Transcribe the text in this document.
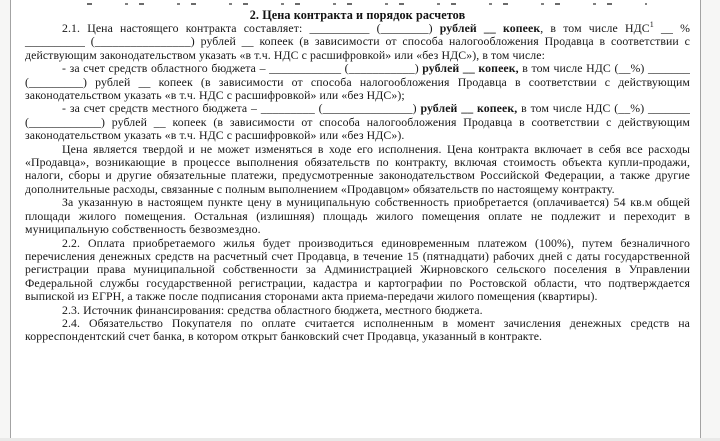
2. Цена контракта и порядок расчетов

2.1. Цена настоящего контракта составляет: __________ (________) рублей __ копеек, в том числе НДС$^1$ __ % __________ (________________) рублей __ копеек (в зависимости от способа налогообложения Продавца в соответствии с действующим законодательством указать «в т.ч. НДС с расшифровкой» или «без НДС»), в том числе:

- за счет средств областного бюджета – ____________ (___________) рублей __ копеек, в том числе НДС (__%) _______ (_________) рублей __ копеек (в зависимости от способа налогообложения Продавца в соответствии с действующим законодательством указать «в т.ч. НДС с расшифровкой» или «без НДС»);

- за счет средств местного бюджета – _________ (_______________) рублей __ копеек, в том числе НДС (__%) _______ (____________) рублей __ копеек (в зависимости от способа налогообложения Продавца в соответствии с действующим законодательством указать «в т.ч. НДС с расшифровкой» или «без НДС»).

Цена является твердой и не может изменяться в ходе его исполнения. Цена контракта включает в себя все расходы «Продавца», возникающие в процессе выполнения обязательств по контракту, включая стоимость объекта купли-продажи, налоги, сборы и другие обязательные платежи, предусмотренные законодательством Российской Федерации, а также другие дополнительные расходы, связанные с полным выполнением «Продавцом» обязательств по настоящему контракту.

За указанную в настоящем пункте цену в муниципальную собственность приобретается (оплачивается) 54 кв.м общей площади жилого помещения. Остальная (излишняя) площадь жилого помещения оплате не подлежит и переходит в муниципальную собственность безвозмездно.

2.2. Оплата приобретаемого жилья будет производиться единовременным платежом (100%), путем безналичного перечисления денежных средств на расчетный счет Продавца, в течение 15 (пятнадцати) рабочих дней с даты государственной регистрации права муниципальной собственности за Администрацией Жирновского сельского поселения в Управлении Федеральной службы государственной регистрации, кадастра и картографии по Ростовской области, что подтверждается выпиской из ЕГРН, а также после подписания сторонами акта приема-передачи жилого помещения (квартиры).

2.3. Источник финансирования: средства областного бюджета, местного бюджета.

2.4. Обязательство Покупателя по оплате считается исполненным в момент зачисления денежных средств на корреспондентский счет банка, в котором открыт банковский счет Продавца, указанный в контракте.
